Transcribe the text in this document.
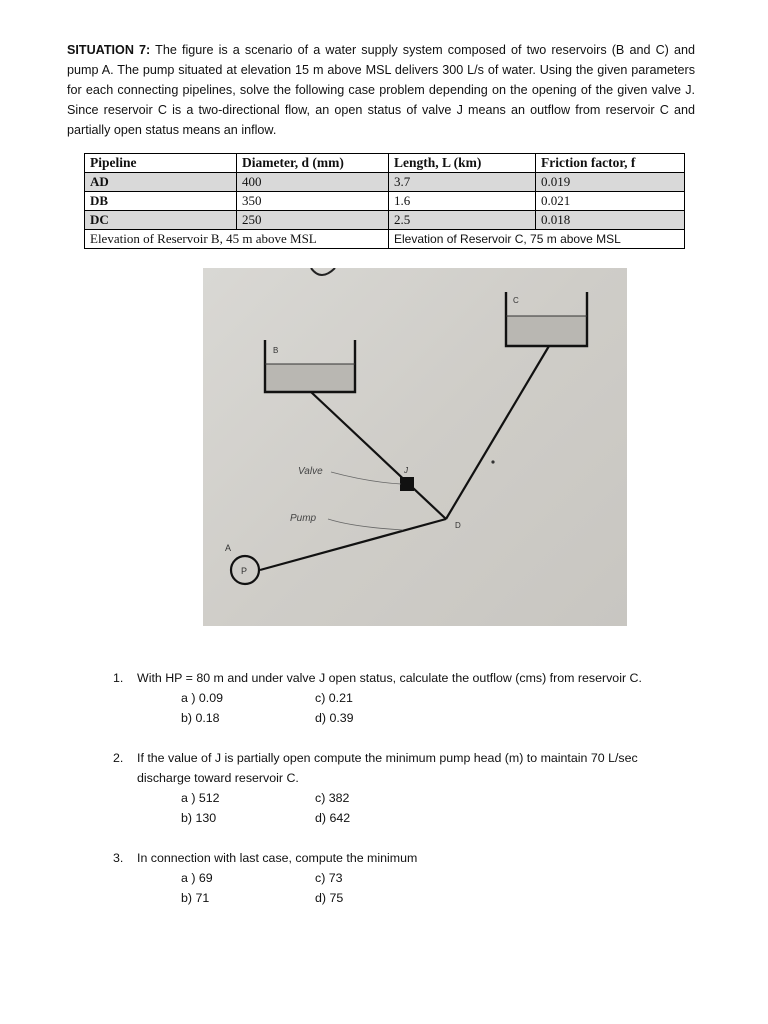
SITUATION 7: The figure is a scenario of a water supply system composed of two reservoirs (B and C) and pump A. The pump situated at elevation 15 m above MSL delivers 300 L/s of water. Using the given parameters for each connecting pipelines, solve the following case problem depending on the opening of the given valve J. Since reservoir C is a two-directional flow, an open status of valve J means an outflow from reservoir C and partially open status means an inflow.
Pipeline	Diameter, d (mm)	Length, L (km)	Friction factor, f
AD	400	3.7	0.019
DB	350	1.6	0.021
DC	250	2.5	0.018
Elevation of Reservoir B, 45 m above MSL		Elevation of Reservoir C, 75 m above MSL	
B
C
J
D
A
P
Valve
Pump
1. With HP = 80 m and under valve J open status, calculate the outflow (cms) from reservoir C.
a ) 0.09	c) 0.21
b) 0.18	d) 0.39
2. If the value of J is partially open compute the minimum pump head (m) to maintain 70 L/sec discharge toward reservoir C.
a ) 512	c) 382
b) 130	d) 642
3. In connection with last case, compute the minimum
a ) 69	c) 73
b) 71	d) 75
